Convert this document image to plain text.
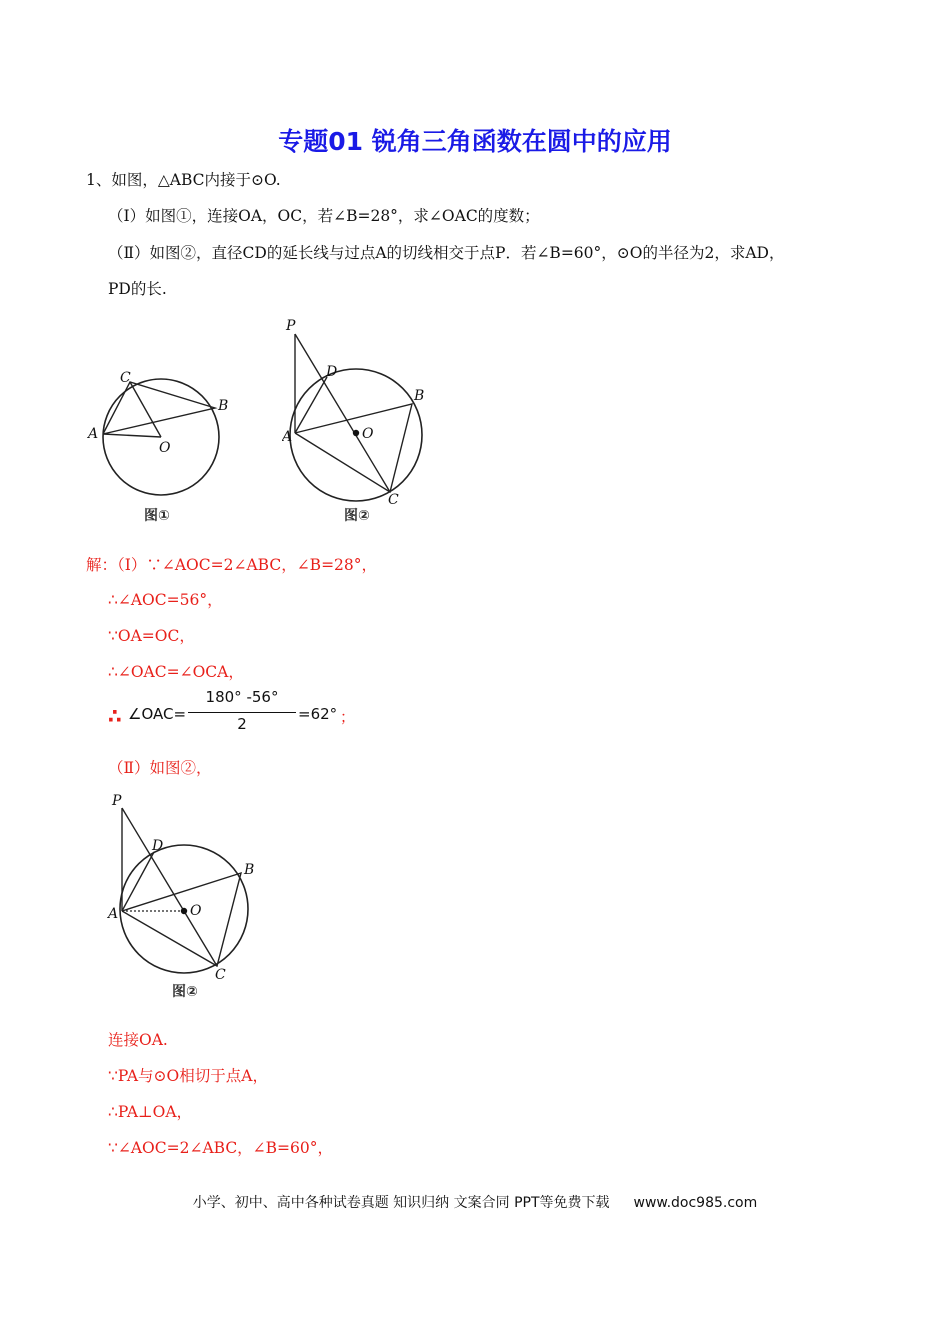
专题01 锐角三角函数在圆中的应用
1、如图，△ABC内接于⊙O.
（Ⅰ）如图①，连接OA，OC，若∠B=28°，求∠OAC的度数；
（Ⅱ）如图②，直径CD的延长线与过点A的切线相交于点P．若∠B=60°，⊙O的半径为2，求AD，
PD的长.
A
B
C
O
图①
P
D
B
A	O
C
图②
解：（Ⅰ）∵∠AOC=2∠ABC，∠B=28°，
∴∠AOC=56°，
∵OA=OC，
∴∠OAC=∠OCA，
∴ ∠OAC=
180° -56°
2
=62° ；
（Ⅱ）如图②，
P
D
B
A	O
C
图②
连接OA.
∵PA与⊙O相切于点A，
∴PA⊥OA，
∵∠AOC=2∠ABC，∠B=60°，
小学、初中、高中各种试卷真题 知识归纳 文案合同 PPT等免费下载 www.doc985.com
